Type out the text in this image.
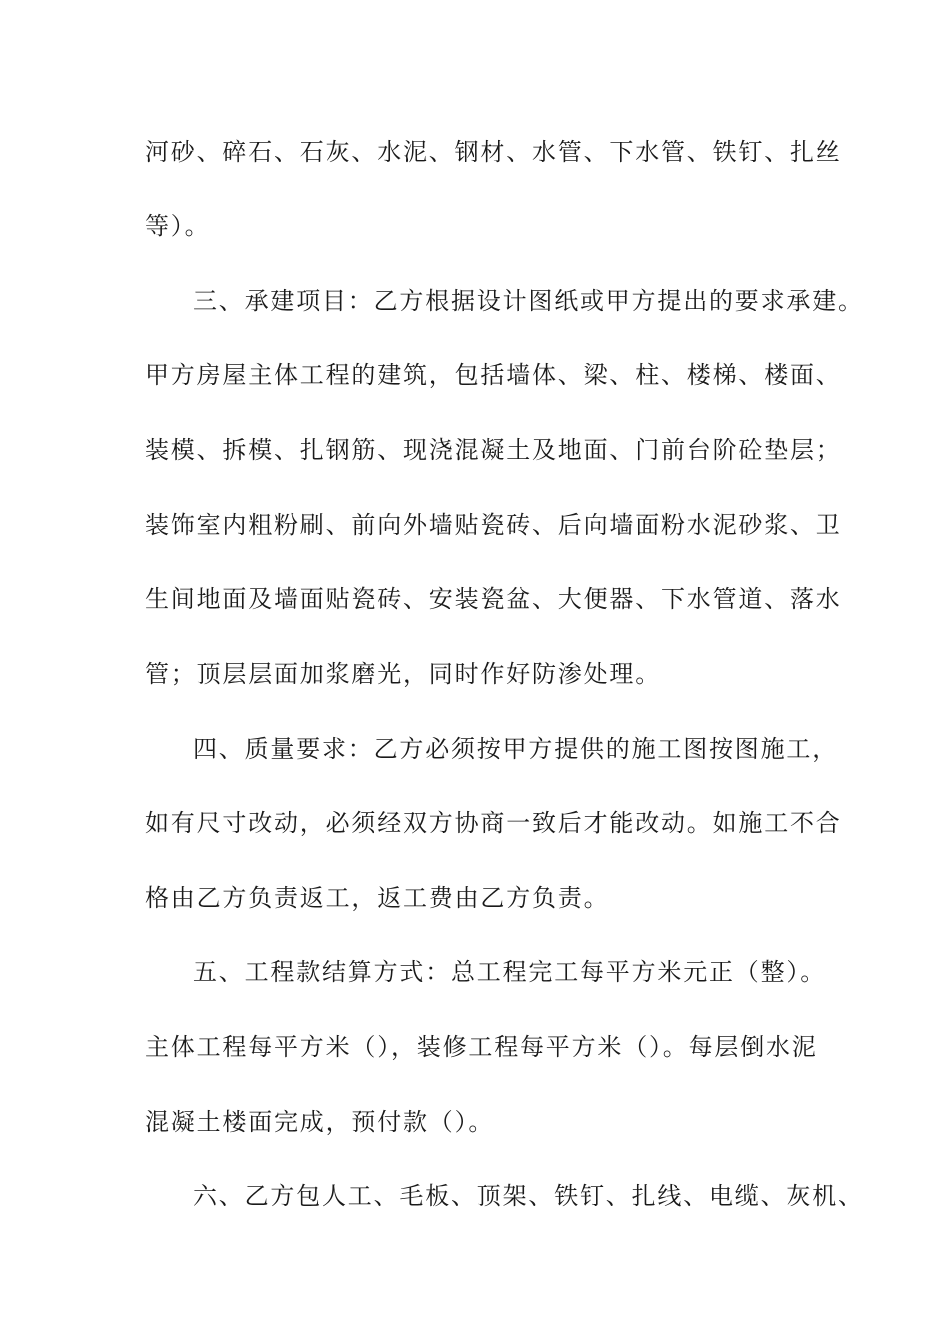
河砂、碎石、石灰、水泥、钢材、水管、下水管、铁钉、扎丝
等）。
三、承建项目：乙方根据设计图纸或甲方提出的要求承建。
甲方房屋主体工程的建筑，包括墙体、梁、柱、楼梯、楼面、
装模、拆模、扎钢筋、现浇混凝土及地面、门前台阶砼垫层；
装饰室内粗粉刷、前向外墙贴瓷砖、后向墙面粉水泥砂浆、卫
生间地面及墙面贴瓷砖、安装瓷盆、大便器、下水管道、落水
管；顶层层面加浆磨光，同时作好防渗处理。
四、质量要求：乙方必须按甲方提供的施工图按图施工，
如有尺寸改动，必须经双方协商一致后才能改动。如施工不合
格由乙方负责返工，返工费由乙方负责。
五、工程款结算方式：总工程完工每平方米元正（整）。
主体工程每平方米（），装修工程每平方米（）。每层倒水泥
混凝土楼面完成，预付款（）。
六、乙方包人工、毛板、顶架、铁钉、扎线、电缆、灰机、
